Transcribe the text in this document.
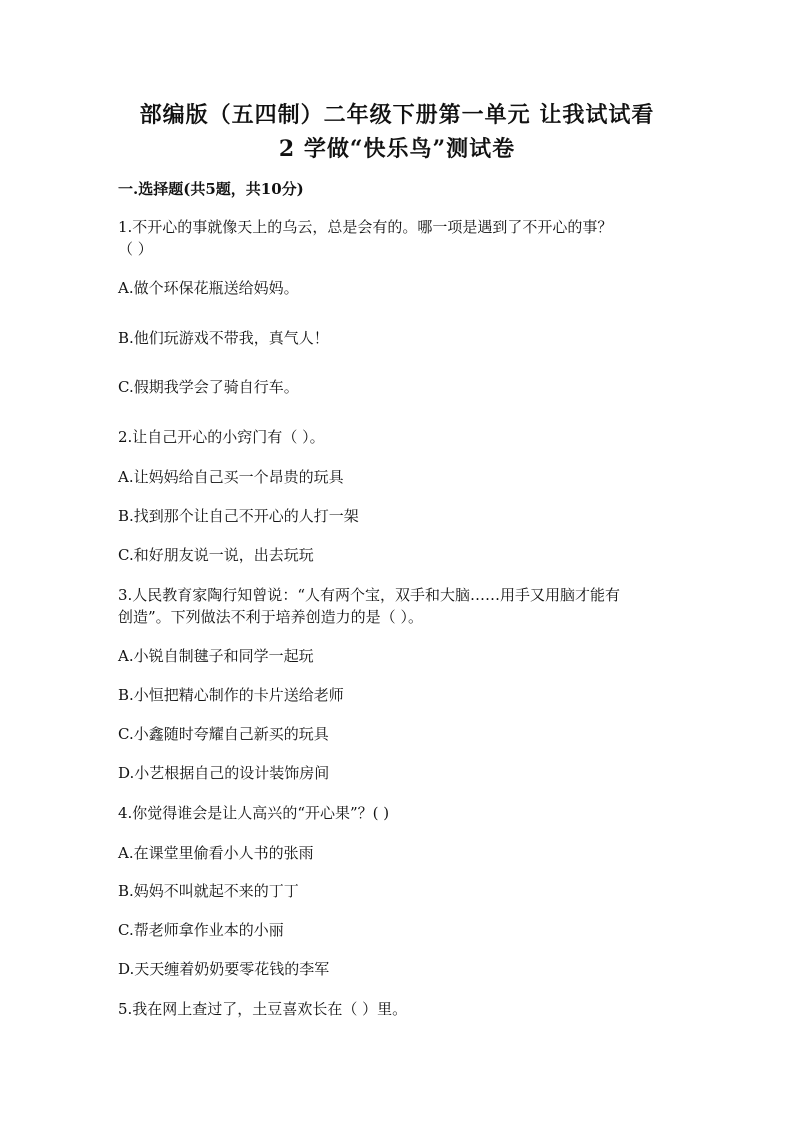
部编版（五四制）二年级下册第一单元 让我试试看
2 学做“快乐鸟”测试卷
一.选择题(共5题，共10分)
1.不开心的事就像天上的乌云，总是会有的。哪一项是遇到了不开心的事？
（ ）
A.做个环保花瓶送给妈妈。
B.他们玩游戏不带我，真气人！
C.假期我学会了骑自行车。
2.让自己开心的小窍门有（ ）。
A.让妈妈给自己买一个昂贵的玩具
B.找到那个让自己不开心的人打一架
C.和好朋友说一说，出去玩玩
3.人民教育家陶行知曾说：“人有两个宝，双手和大脑……用手又用脑才能有
创造”。下列做法不利于培养创造力的是（ ）。
A.小锐自制毽子和同学一起玩
B.小恒把精心制作的卡片送给老师
C.小鑫随时夸耀自己新买的玩具
D.小艺根据自己的设计装饰房间
4.你觉得谁会是让人高兴的“开心果”？( )
A.在课堂里偷看小人书的张雨
B.妈妈不叫就起不来的丁丁
C.帮老师拿作业本的小丽
D.天天缠着奶奶要零花钱的李军
5.我在网上查过了，土豆喜欢长在（ ）里。
